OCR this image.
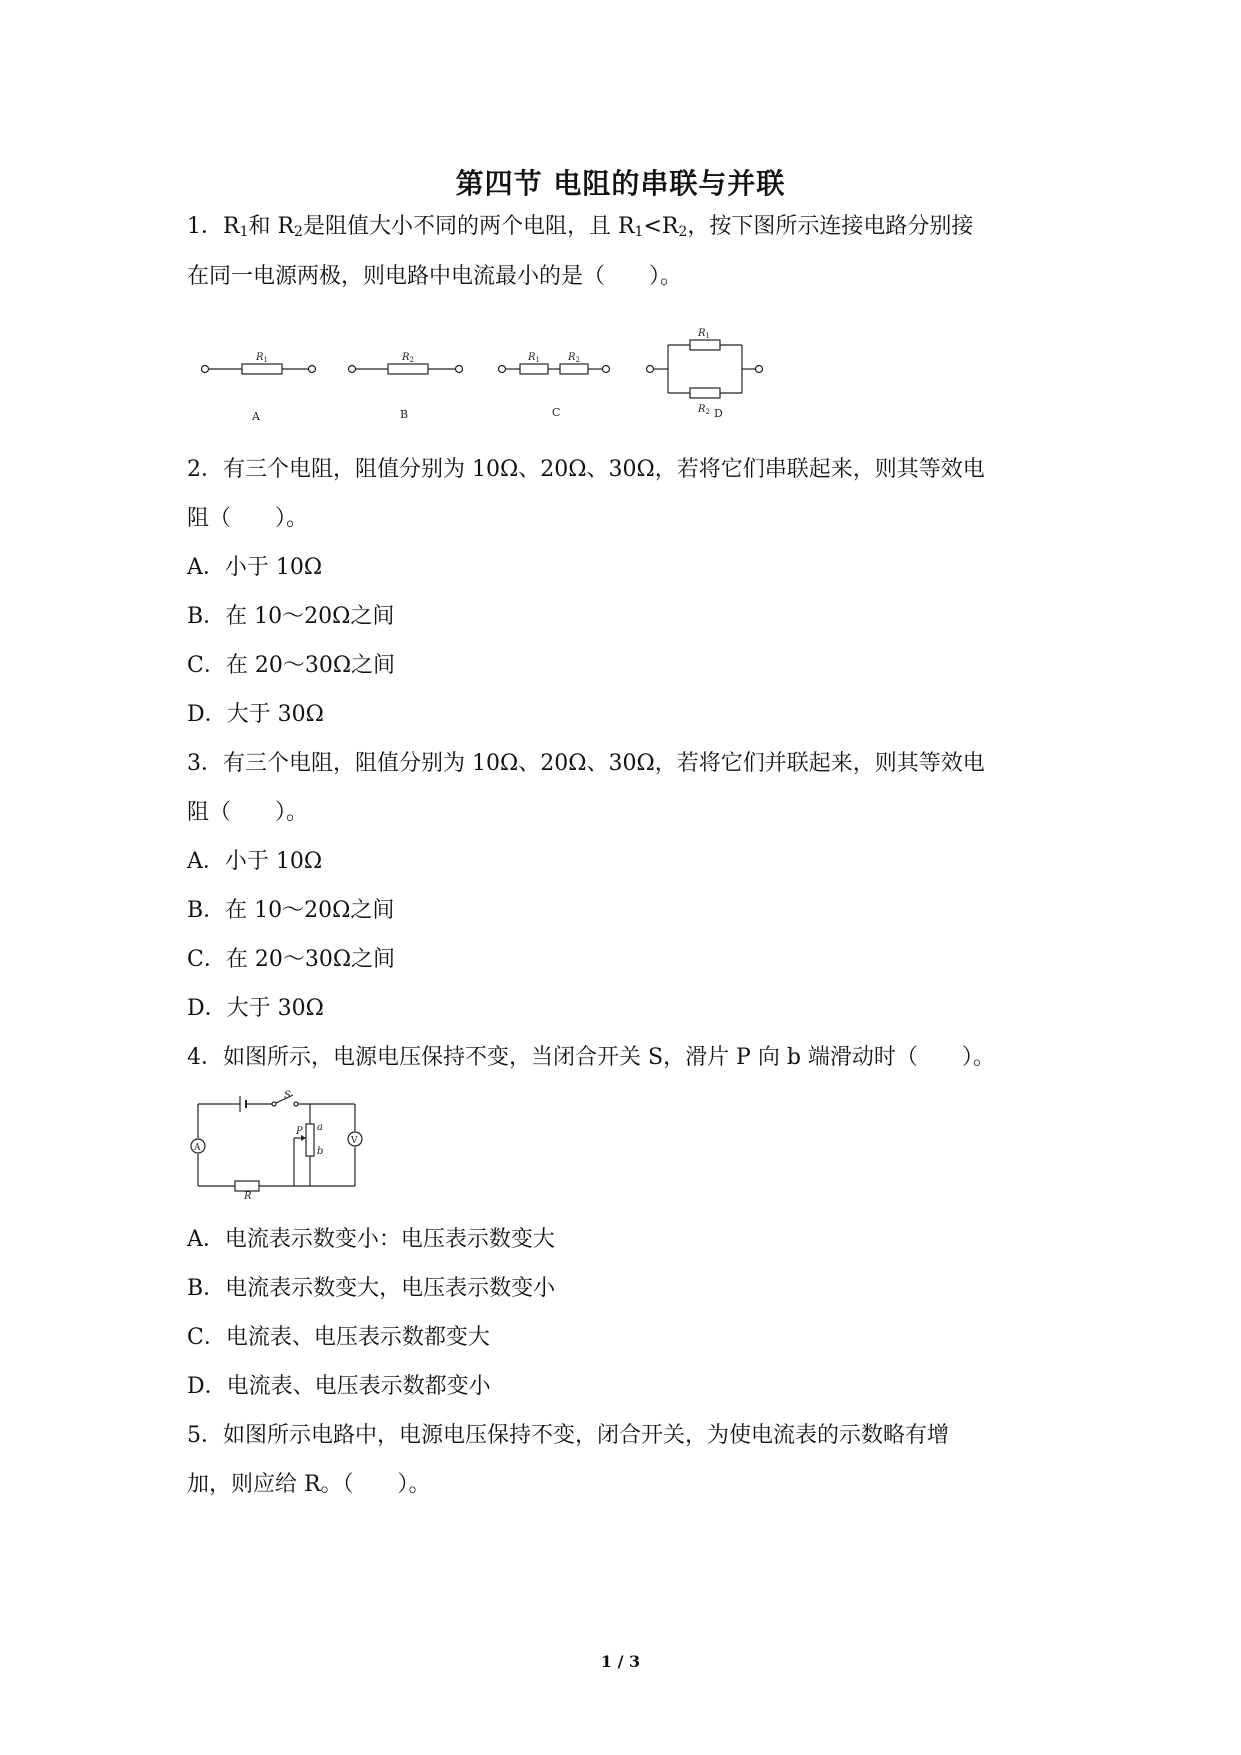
第四节 电阻的串联与并联
1．$R_1$和 $R_2$是阻值大小不同的两个电阻，且 $R_1<R_2$，按下图所示连接电路分别接
在同一电源两极，则电路中电流最小的是（　　）。
$R_1$	$R_2$	$R_1$	$R_2$
$R_1$
$R_2$
A	B	C	D
2．有三个电阻，阻值分别为 10Ω、20Ω、30Ω，若将它们串联起来，则其等效电
阻（　　）。
A．小于 10Ω
B．在 10～20Ω之间
C．在 20～30Ω之间
D．大于 30Ω
3．有三个电阻，阻值分别为 10Ω、20Ω、30Ω，若将它们并联起来，则其等效电
阻（　　）。
A．小于 10Ω
B．在 10～20Ω之间
C．在 20～30Ω之间
D．大于 30Ω
4．如图所示，电源电压保持不变，当闭合开关 S，滑片 P 向 b 端滑动时（　　）。
S
P a
b
A
V
R
A．电流表示数变小：电压表示数变大
B．电流表示数变大，电压表示数变小
C．电流表、电压表示数都变大
D．电流表、电压表示数都变小
5．如图所示电路中，电源电压保持不变，闭合开关，为使电流表的示数略有增
加，则应给 R。（　　）。
1 / 3
